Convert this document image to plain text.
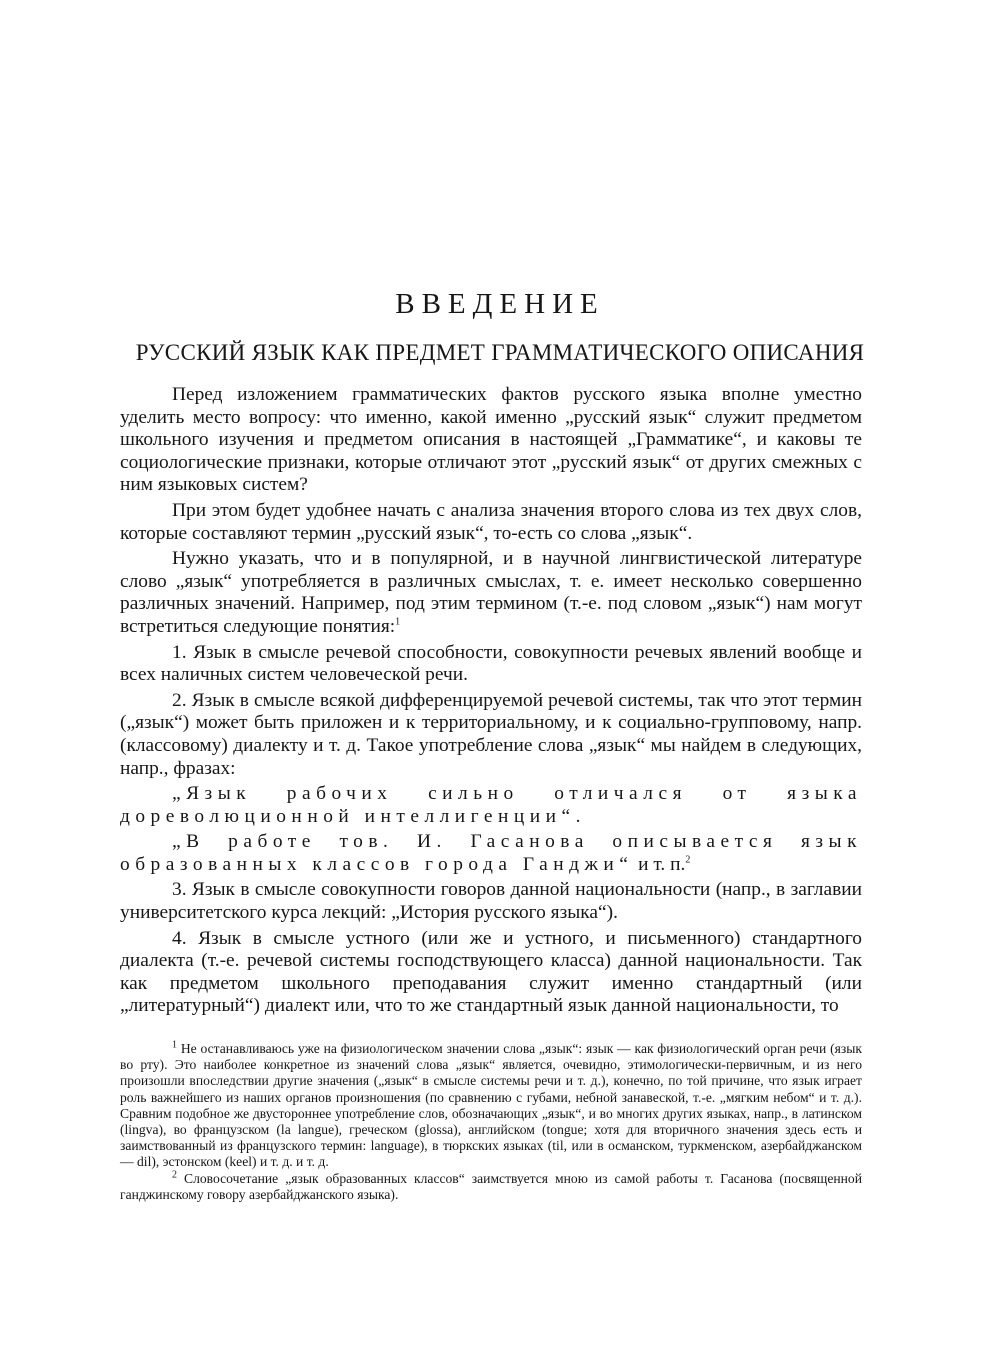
ВВЕДЕНИЕ
РУССКИЙ ЯЗЫК КАК ПРЕДМЕТ ГРАММАТИЧЕСКОГО ОПИСАНИЯ

Перед изложением грамматических фактов русского языка вполне уместно уделить место вопросу: что именно, какой именно „русский язык“ служит предметом школьного изучения и предметом описания в настоящей „Грамматике“, и каковы те социологические признаки, которые отличают этот „русский язык“ от других смежных с ним языковых систем?

При этом будет удобнее начать с анализа значения второго слова из тех двух слов, которые составляют термин „русский язык“, то-есть со слова „язык“.

Нужно указать, что и в популярной, и в научной лингвистической литературе слово „язык“ употребляется в различных смыслах, т. е. имеет несколько совершенно различных значений. Например, под этим термином (т.-е. под словом „язык“) нам могут встретиться следующие понятия:$^1$

1. Язык в смысле речевой способности, совокупности речевых явлений вообще и всех наличных систем человеческой речи.

2. Язык в смысле всякой дифференцируемой речевой системы, так что этот термин („язык“) может быть приложен и к территориальному, и к социально-групповому, напр. (классовому) диалекту и т. д. Такое употребление слова „язык“ мы найдем в следующих, напр., фразах:

„Язык рабочих сильно отличался от языка дореволюционной интеллигенции“.

„В работе тов. И. Гасанова описывается язык образованных классов города Ганджи“ и т. п.$^2$

3. Язык в смысле совокупности говоров данной национальности (напр., в заглавии университетского курса лекций: „История русского языка“).

4. Язык в смысле устного (или же и устного, и письменного) стандартного диалекта (т.-е. речевой системы господствующего класса) данной национальности. Так как предметом школьного преподавания служит именно стандартный (или „литературный“) диалект или, что то же стандартный язык данной национальности, то

$^1$ Не останавливаюсь уже на физиологическом значении слова „язык“: язык — как физиологический орган речи (язык во рту). Это наиболее конкретное из значений слова „язык“ является, очевидно, этимологически-первичным, и из него произошли впоследствии другие значения („язык“ в смысле системы речи и т. д.), конечно, по той причине, что язык играет роль важнейшего из наших органов произношения (по сравнению с губами, небной занавеской, т.-е. „мягким небом“ и т. д.). Сравним подобное же двустороннее употребление слов, обозначающих „язык“, и во многих других языках, напр., в латинском (lingva), во французском (la langue), греческом (glossa), английском (tongue; хотя для вторичного значения здесь есть и заимствованный из французского термин: language), в тюркских языках (til, или в османском, туркменском, азербайджанском — dil), эстонском (keel) и т. д. и т. д.

$^2$ Словосочетание „язык образованных классов“ заимствуется мною из самой работы т. Гасанова (посвященной ганджинскому говору азербайджанского языка).
